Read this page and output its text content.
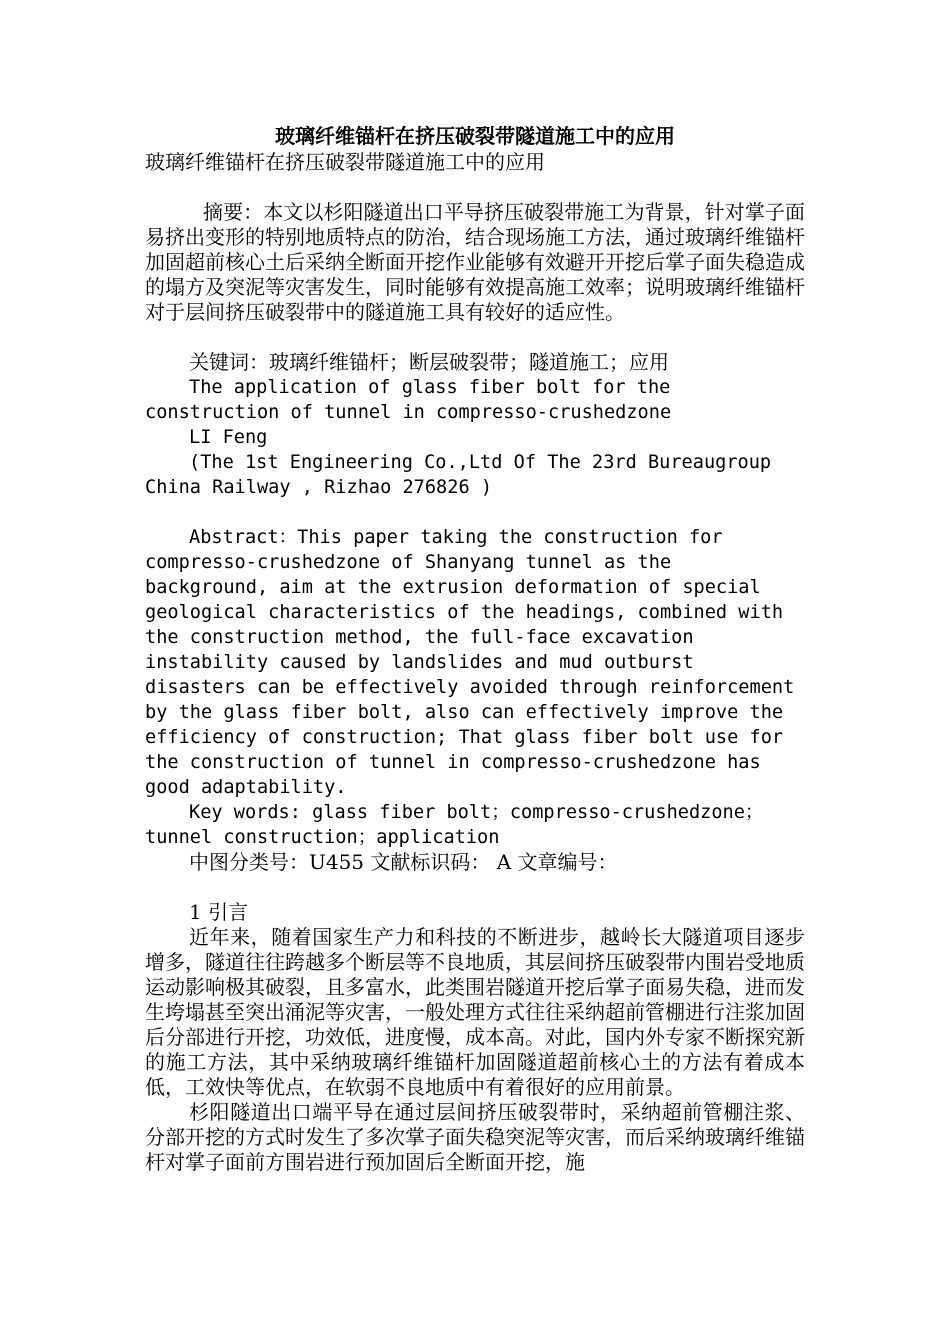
玻璃纤维锚杆在挤压破裂带隧道施工中的应用

玻璃纤维锚杆在挤压破裂带隧道施工中的应用

摘要：本文以杉阳隧道出口平导挤压破裂带施工为背景，针对掌子面易挤出变形的特别地质特点的防治，结合现场施工方法，通过玻璃纤维锚杆加固超前核心土后采纳全断面开挖作业能够有效避开开挖后掌子面失稳造成的塌方及突泥等灾害发生，同时能够有效提高施工效率；说明玻璃纤维锚杆对于层间挤压破裂带中的隧道施工具有较好的适应性。

关键词：玻璃纤维锚杆；断层破裂带；隧道施工；应用

The application of glass fiber bolt for the construction of tunnel in compresso-crushedzone

LI Feng

(The 1st Engineering Co.,Ltd Of The 23rd Bureaugroup China Railway , Rizhao 276826 )

Abstract：This paper taking the construction for compresso-crushedzone of Shanyang tunnel as the background, aim at the extrusion deformation of special geological characteristics of the headings, combined with the construction method, the full-face excavation instability caused by landslides and mud outburst disasters can be effectively avoided through reinforcement by the glass fiber bolt, also can effectively improve the efficiency of construction; That glass fiber bolt use for the construction of tunnel in compresso-crushedzone has good adaptability.

Key words: glass fiber bolt；compresso-crushedzone；tunnel construction；application

中图分类号：U455 文献标识码： A 文章编号：

1 引言

近年来，随着国家生产力和科技的不断进步，越岭长大隧道项目逐步增多，隧道往往跨越多个断层等不良地质，其层间挤压破裂带内围岩受地质运动影响极其破裂，且多富水，此类围岩隧道开挖后掌子面易失稳，进而发生垮塌甚至突出涌泥等灾害，一般处理方式往往采纳超前管棚进行注浆加固后分部进行开挖，功效低，进度慢，成本高。对此，国内外专家不断探究新的施工方法，其中采纳玻璃纤维锚杆加固隧道超前核心土的方法有着成本低，工效快等优点，在软弱不良地质中有着很好的应用前景。

杉阳隧道出口端平导在通过层间挤压破裂带时，采纳超前管棚注浆、分部开挖的方式时发生了多次掌子面失稳突泥等灾害，而后采纳玻璃纤维锚杆对掌子面前方围岩进行预加固后全断面开挖，施
